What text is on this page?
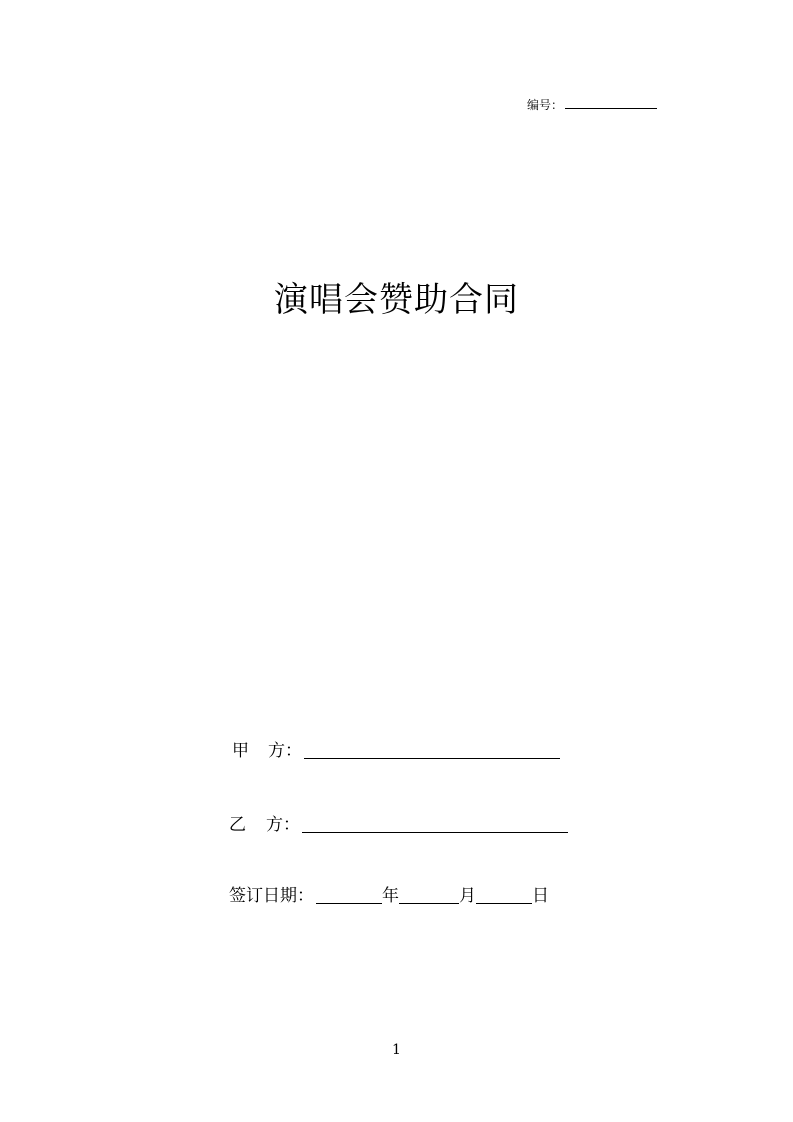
编号：
演唱会赞助合同
甲 方：
乙 方：
签订日期：	年	月	日
1
